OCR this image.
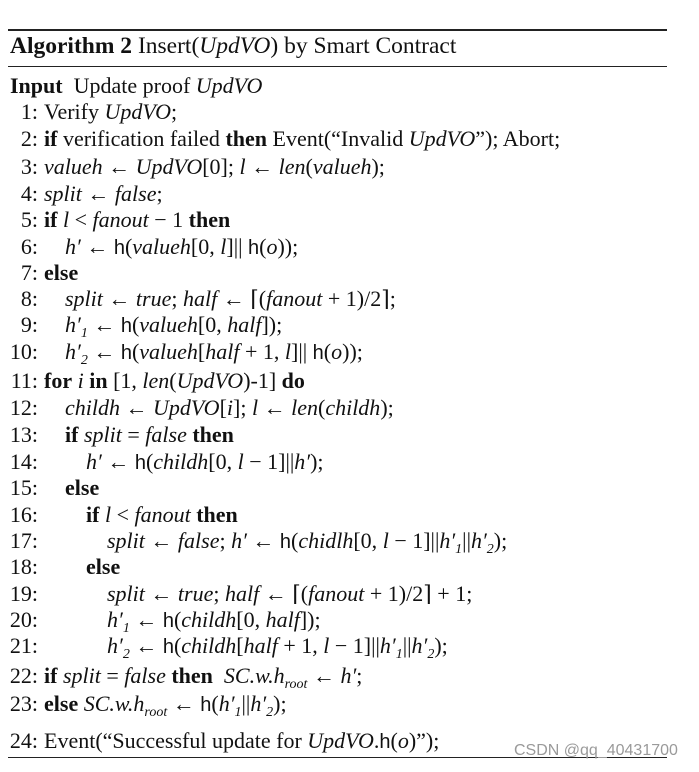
Algorithm 2 Insert(UpdVO) by Smart Contract
Input  Update proof UpdVO
1: Verify UpdVO;
2: if verification failed then Event(“Invalid UpdVO”); Abort;
3: valueh ← UpdVO[0]; l ← len(valueh);
4: split ← false;
5: if l < fanout − 1 then
6: h′ ← h(valueh[0, l]|| h(o));
7: else
8: split ← true; half ← ⌈(fanout + 1)/2⌉;
9: $h'_1$ ← h(valueh[0, half]);
10: $h'_2$ ← h(valueh[half + 1, l]|| h(o));
11: for i in [1, len(UpdVO)-1] do
12: childh ← UpdVO[i]; l ← len(childh);
13: if split = false then
14: h′ ← h(childh[0, l − 1]||h′);
15: else
16: if l < fanout then
17:	split ← false; h′ ← h(chidlh[0, $l - 1]||h'_1||h'_2$);
18: else
19:	split ← true; half ← ⌈(fanout + 1)/2⌉ + 1;
20:	$h'_1$ ← h(childh[0, half]);
21:	$h'_2$ ← h(childh[half + 1, $l - 1]||h'_1||h'_2$);
22: if split = false then $SC.w.h_{root}$ ← h′;
23: else $SC.w.h_{root}$ ← $h(h'_1||h'_2)$;
24: Event(“Successful update for UpdVO.h(o)”);	CSDN @qq_40431700
